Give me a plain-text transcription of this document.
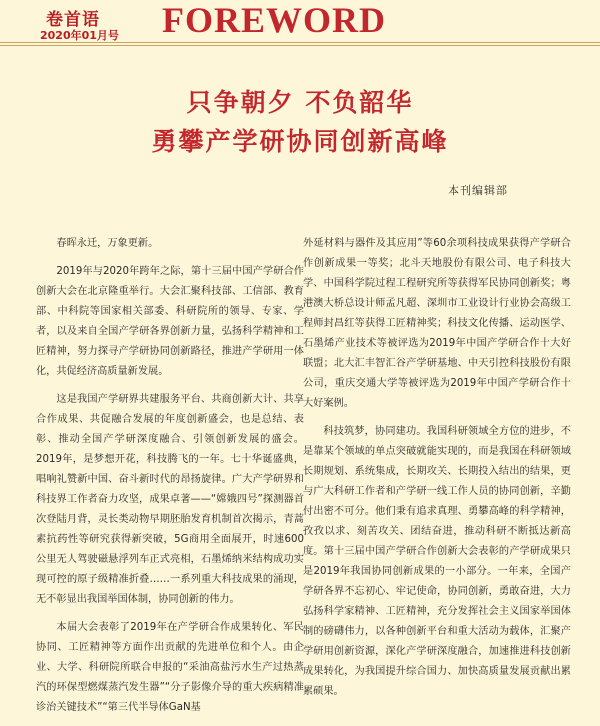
卷首语
2020年01月号 FOREWORD
只争朝夕 不负韶华
勇攀产学研协同创新高峰
本刊编辑部

春晖永迁，万象更新。

2019年与2020年跨年之际，第十三届中国产学研合作创新大会在北京隆重举行。大会汇聚科技部、工信部、教育部、中科院等国家相关部委、科研院所的领导、专家、学者，以及来自全国产学研各界创新力量，弘扬科学精神和工匠精神，努力探寻产学研协同创新路径，推进产学研用一体化，共促经济高质量新发展。

这是我国产学研界共建服务平台、共商创新大计、共享合作成果、共促融合发展的年度创新盛会，也是总结、表彰、推动全国产学研深度融合、引领创新发展的盛会。2019年，是梦想开花，科技腾飞的一年。七十华诞盛典，唱响礼赞新中国、奋斗新时代的昂扬旋律。广大产学研界和科技界工作者奋力攻坚，成果卓著——“嫦娥四号”探测器首次登陆月背，灵长类动物早期胚胎发育机制首次揭示，青蒿素抗药性等研究获得新突破，5G商用全面展开，时速600公里无人驾驶磁悬浮列车正式亮相，石墨烯纳米结构成功实现可控的原子级精准折叠……一系列重大科技成果的涌现，无不彰显出我国举国体制，协同创新的伟力。

本届大会表彰了2019年在产学研合作成果转化、军民协同、工匠精神等方面作出贡献的先进单位和个人。由企业、大学、科研院所联合申报的“采油高盐污水生产过热蒸汽的环保型燃煤蒸汽发生器”“分子影像介导的重大疾病精准诊治关键技术”“第三代半导体GaN基

外延材料与器件及其应用”等60余项科技成果获得产学研合作创新成果一等奖；北斗天地股份有限公司、电子科技大学、中国科学院过程工程研究所等获得军民协同创新奖；粤港澳大桥总设计师孟凡超、深圳市工业设计行业协会高级工程师封昌红等获得工匠精神奖；科技文化传播、运动医学、石墨烯产业技术等被评选为2019年中国产学研合作十大好联盟；北大汇丰智汇谷产学研基地、中天引控科技股份有限公司，重庆交通大学等被评选为2019年中国产学研合作十大好案例。

科技筑梦，协同建功。我国科研领域全方位的进步，不是靠某个领域的单点突破就能实现的，而是我国在科研领域长期规划、系统集成，长期攻关、长期投入结出的结果，更与广大科研工作者和产学研一线工作人员的协同创新，辛勤付出密不可分。他们秉有追求真理、勇攀高峰的科学精神，孜孜以求、刻苦攻关、团结奋进，推动科研不断抵达新高度。第十三届中国产学研合作创新大会表彰的产学研成果只是2019年我国协同创新成果的一小部分。一年来，全国产学研各界不忘初心、牢记使命，协同创新，勇敢奋进，大力弘扬科学家精神、工匠精神，充分发挥社会主义国家举国体制的磅礴伟力，以各种创新平台和重大活动为载体，汇聚产学研用创新资源，深化产学研深度融合，加速推进科技创新成果转化，为我国提升综合国力、加快高质量发展贡献出累累硕果。
